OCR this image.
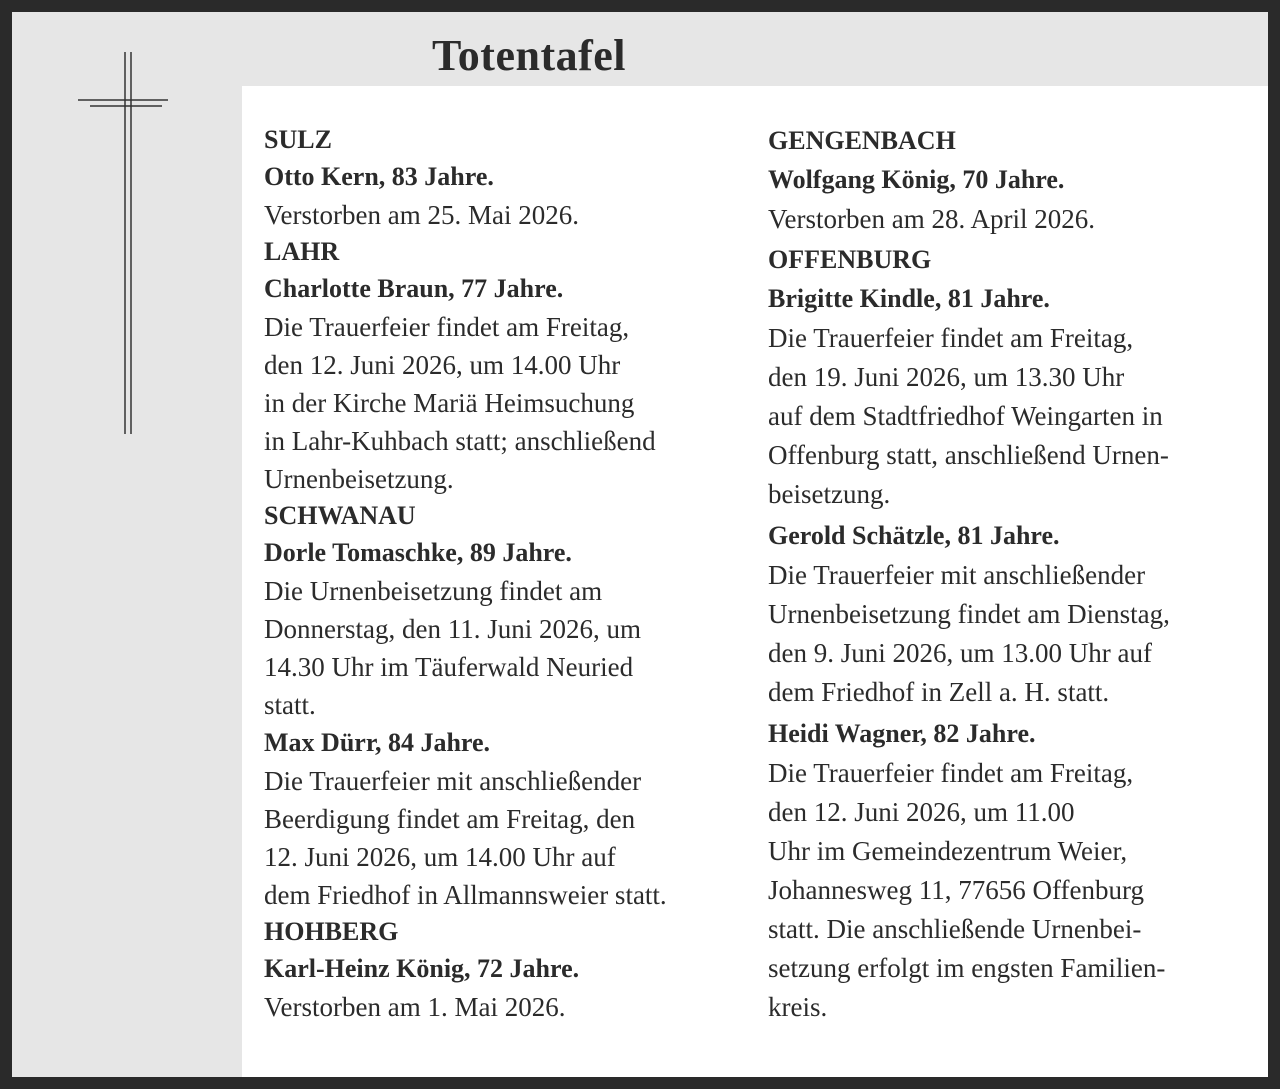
Totentafel
SULZ
Otto Kern, 83 Jahre.
Verstorben am 25. Mai 2026.
LAHR
Charlotte Braun, 77 Jahre.
Die Trauerfeier findet am Freitag,
den 12. Juni 2026, um 14.00 Uhr
in der Kirche Mariä Heimsuchung
in Lahr-Kuhbach statt; anschließend
Urnenbeisetzung.
SCHWANAU
Dorle Tomaschke, 89 Jahre.
Die Urnenbeisetzung findet am
Donnerstag, den 11. Juni 2026, um
14.30 Uhr im Täuferwald Neuried
statt.
Max Dürr, 84 Jahre.
Die Trauerfeier mit anschließender
Beerdigung findet am Freitag, den
12. Juni 2026, um 14.00 Uhr auf
dem Friedhof in Allmannsweier statt.
HOHBERG
Karl-Heinz König, 72 Jahre.
Verstorben am 1. Mai 2026.
GENGENBACH
Wolfgang König, 70 Jahre.
Verstorben am 28. April 2026.
OFFENBURG
Brigitte Kindle, 81 Jahre.
Die Trauerfeier findet am Freitag,
den 19. Juni 2026, um 13.30 Uhr
auf dem Stadtfriedhof Weingarten in
Offenburg statt, anschließend Urnen-
beisetzung.
Gerold Schätzle, 81 Jahre.
Die Trauerfeier mit anschließender
Urnenbeisetzung findet am Dienstag,
den 9. Juni 2026, um 13.00 Uhr auf
dem Friedhof in Zell a. H. statt.
Heidi Wagner, 82 Jahre.
Die Trauerfeier findet am Freitag,
den 12. Juni 2026, um 11.00
Uhr im Gemeindezentrum Weier,
Johannesweg 11, 77656 Offenburg
statt. Die anschließende Urnenbei-
setzung erfolgt im engsten Familien-
kreis.
